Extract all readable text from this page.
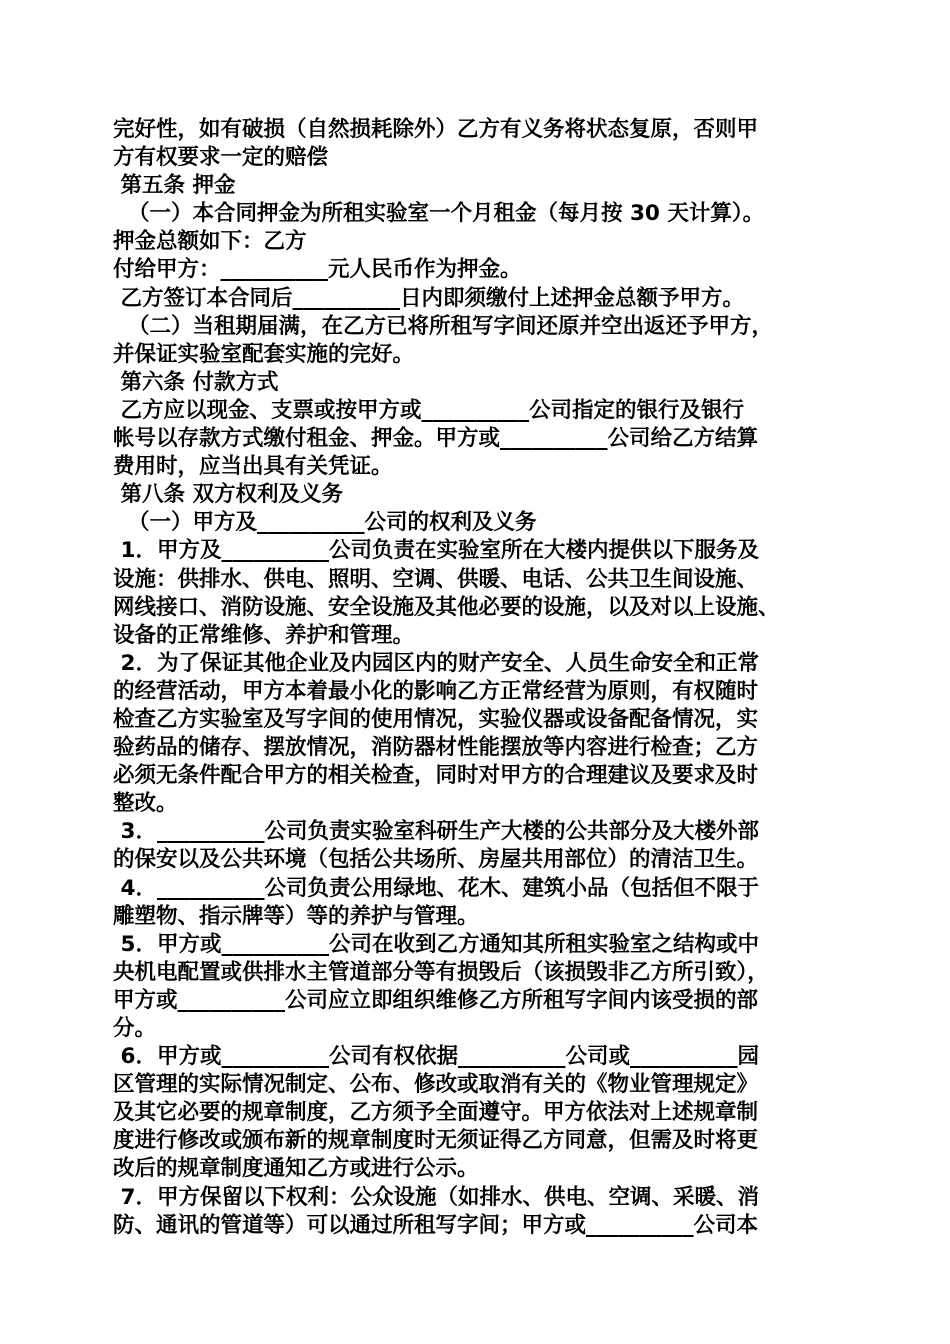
完好性，如有破损（自然损耗除外）乙方有义务将状态复原，否则甲
方有权要求一定的赔偿
第五条 押金
（一）本合同押金为所租实验室一个月租金（每月按 30 天计算）。
押金总额如下：乙方
付给甲方：__________元人民币作为押金。
乙方签订本合同后__________日内即须缴付上述押金总额予甲方。
（二）当租期届满，在乙方已将所租写字间还原并空出返还予甲方，
并保证实验室配套实施的完好。
第六条 付款方式
乙方应以现金、支票或按甲方或__________公司指定的银行及银行
帐号以存款方式缴付租金、押金。甲方或__________公司给乙方结算
费用时，应当出具有关凭证。
第八条 双方权利及义务
（一）甲方及__________公司的权利及义务
1．甲方及__________公司负责在实验室所在大楼内提供以下服务及
设施：供排水、供电、照明、空调、供暖、电话、公共卫生间设施、
网线接口、消防设施、安全设施及其他必要的设施，以及对以上设施、
设备的正常维修、养护和管理。
2．为了保证其他企业及内园区内的财产安全、人员生命安全和正常
的经营活动，甲方本着最小化的影响乙方正常经营为原则，有权随时
检查乙方实验室及写字间的使用情况，实验仪器或设备配备情况，实
验药品的储存、摆放情况，消防器材性能摆放等内容进行检查；乙方
必须无条件配合甲方的相关检查，同时对甲方的合理建议及要求及时
整改。
3．__________公司负责实验室科研生产大楼的公共部分及大楼外部
的保安以及公共环境（包括公共场所、房屋共用部位）的清洁卫生。
4．__________公司负责公用绿地、花木、建筑小品（包括但不限于
雕塑物、指示牌等）等的养护与管理。
5．甲方或__________公司在收到乙方通知其所租实验室之结构或中
央机电配置或供排水主管道部分等有损毁后（该损毁非乙方所引致），
甲方或__________公司应立即组织维修乙方所租写字间内该受损的部
分。
6．甲方或__________公司有权依据__________公司或__________园
区管理的实际情况制定、公布、修改或取消有关的《物业管理规定》
及其它必要的规章制度，乙方须予全面遵守。甲方依法对上述规章制
度进行修改或颁布新的规章制度时无须证得乙方同意，但需及时将更
改后的规章制度通知乙方或进行公示。
7．甲方保留以下权利：公众设施（如排水、供电、空调、采暖、消
防、通讯的管道等）可以通过所租写字间；甲方或__________公司本
